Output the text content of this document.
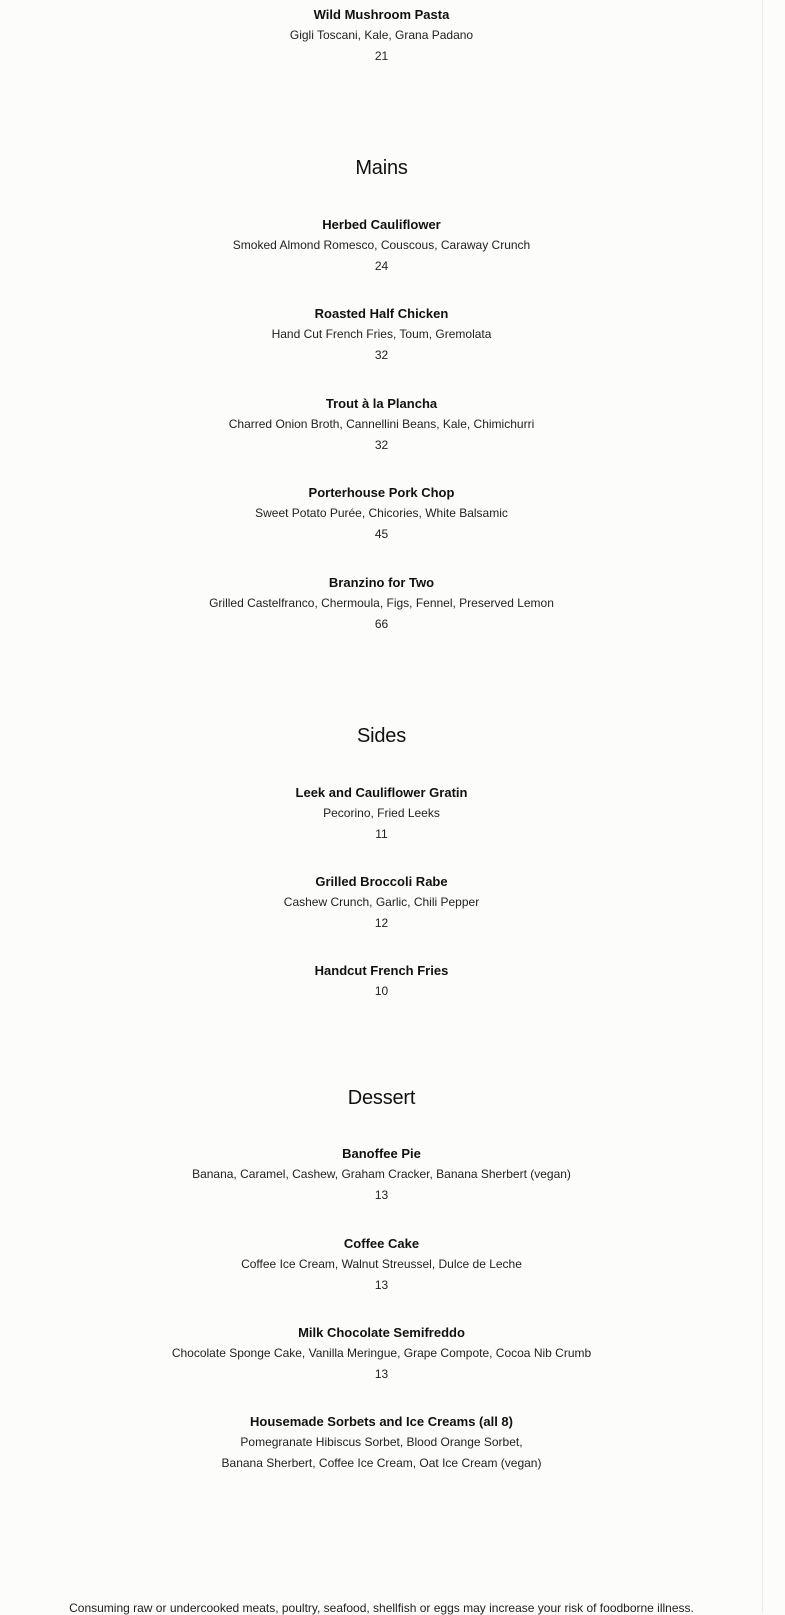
Wild Mushroom Pasta
Gigli Toscani, Kale, Grana Padano
21
Mains
Herbed Cauliflower
Smoked Almond Romesco, Couscous, Caraway Crunch
24
Roasted Half Chicken
Hand Cut French Fries, Toum, Gremolata
32
Trout à la Plancha
Charred Onion Broth, Cannellini Beans, Kale, Chimichurri
32
Porterhouse Pork Chop
Sweet Potato Purée, Chicories, White Balsamic
45
Branzino for Two
Grilled Castelfranco, Chermoula, Figs, Fennel, Preserved Lemon
66
Sides
Leek and Cauliflower Gratin
Pecorino, Fried Leeks
11
Grilled Broccoli Rabe
Cashew Crunch, Garlic, Chili Pepper
12
Handcut French Fries
10
Dessert
Banoffee Pie
Banana, Caramel, Cashew, Graham Cracker, Banana Sherbert (vegan)
13
Coffee Cake
Coffee Ice Cream, Walnut Streussel, Dulce de Leche
13
Milk Chocolate Semifreddo
Chocolate Sponge Cake, Vanilla Meringue, Grape Compote, Cocoa Nib Crumb
13
Housemade Sorbets and Ice Creams (all 8)
Pomegranate Hibiscus Sorbet, Blood Orange Sorbet,
Banana Sherbert, Coffee Ice Cream, Oat Ice Cream (vegan)
Consuming raw or undercooked meats, poultry, seafood, shellfish or eggs may increase your risk of foodborne illness.
